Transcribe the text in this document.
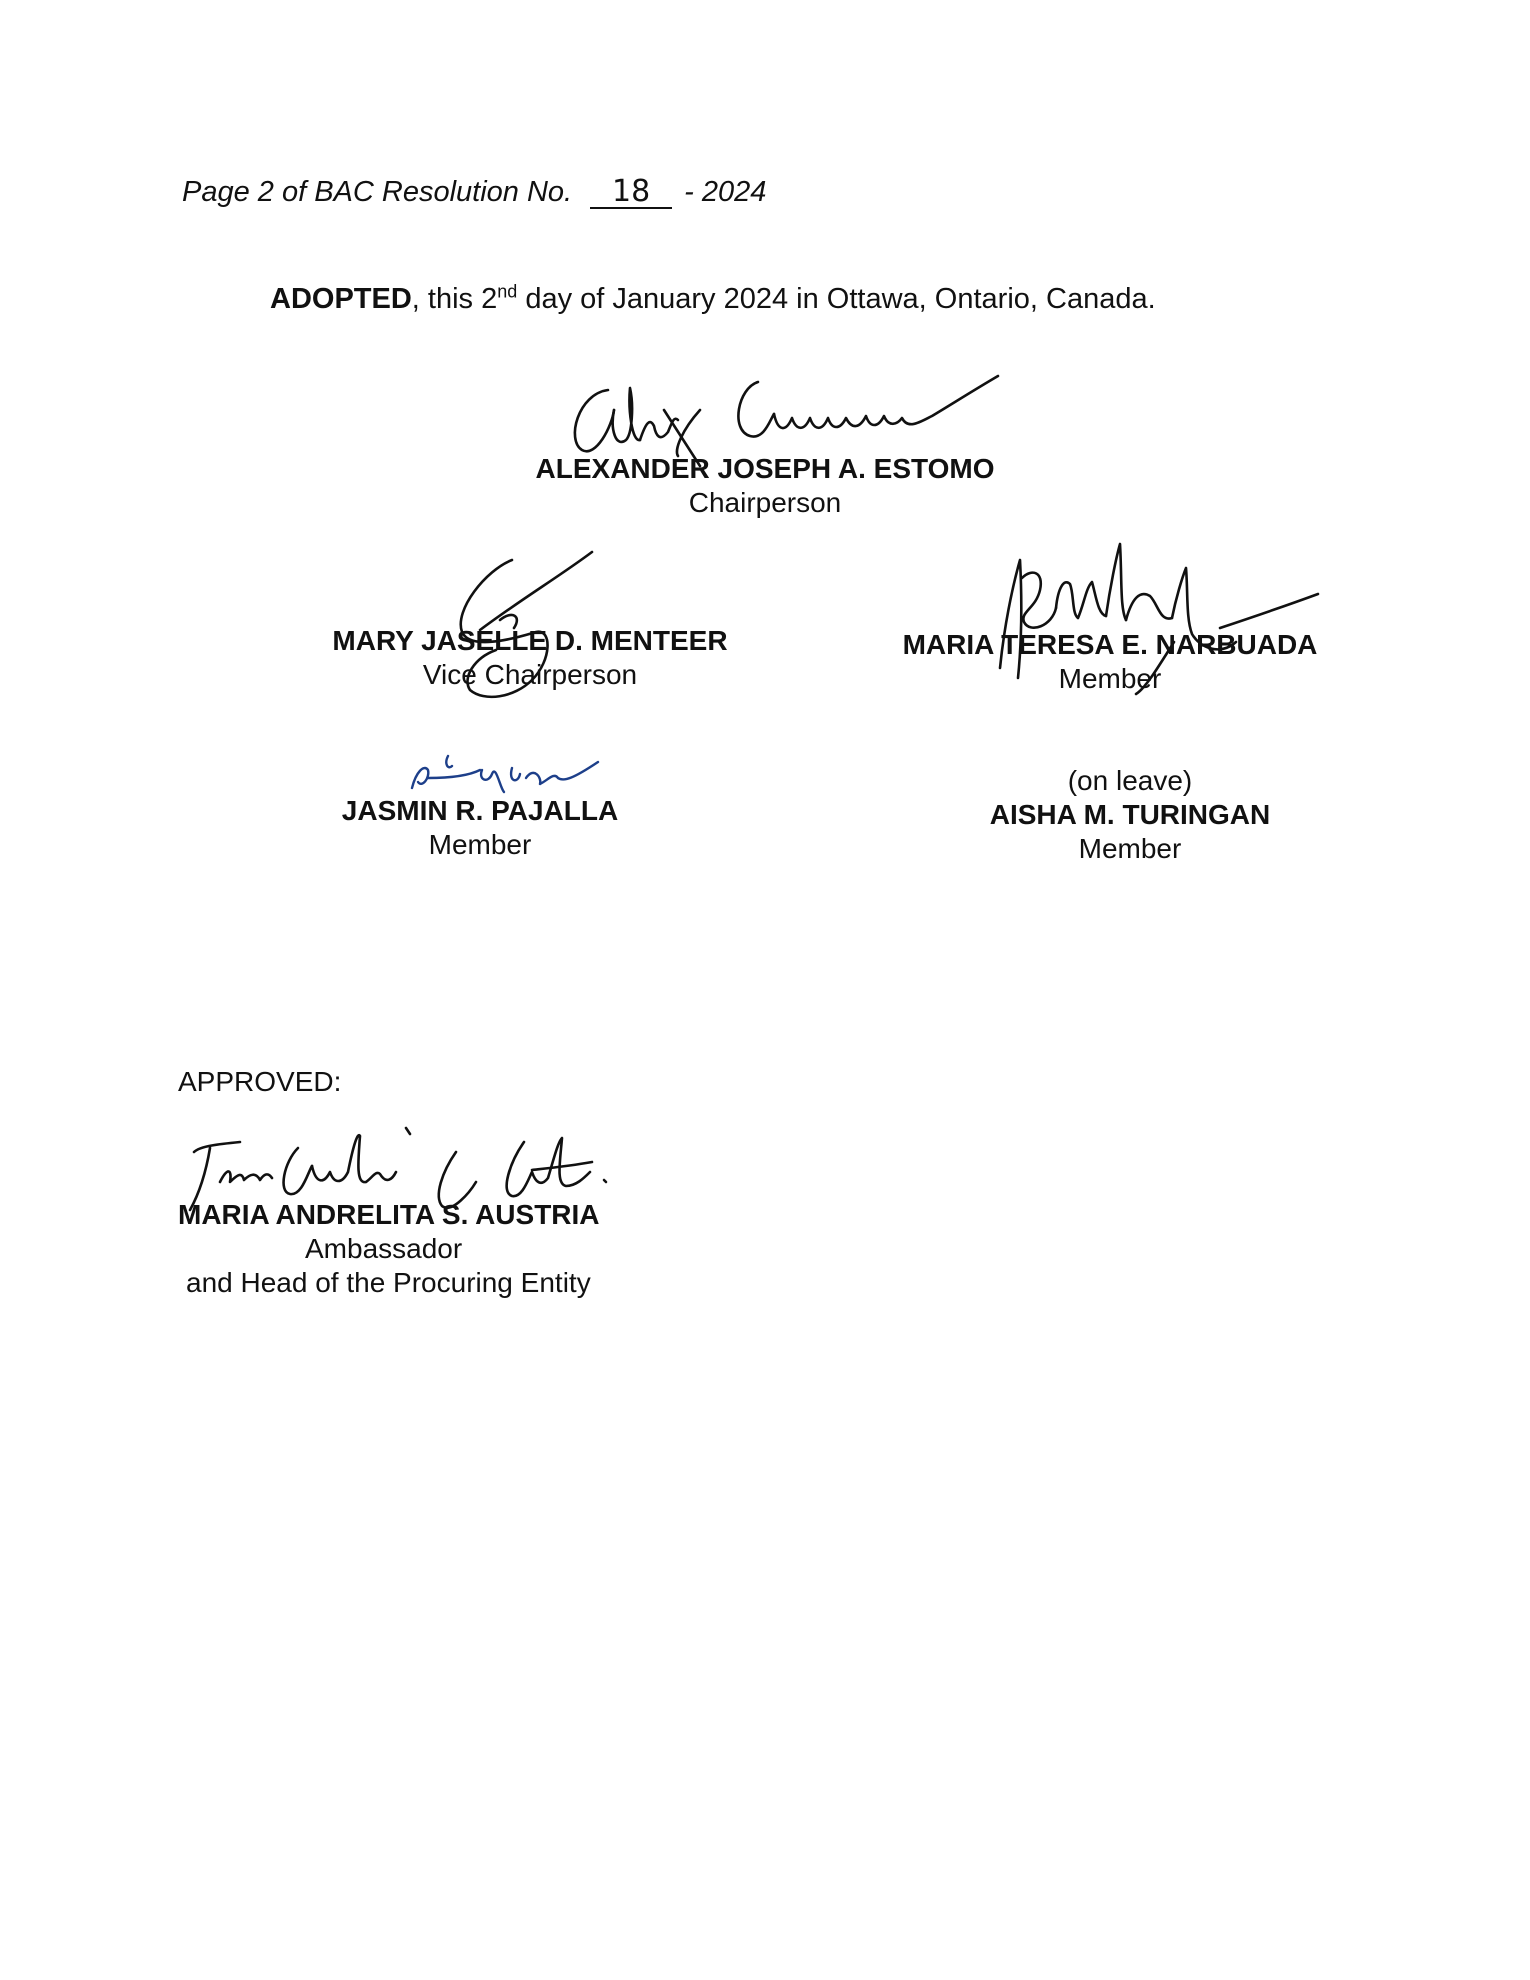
Page 2 of BAC Resolution No. 18 - 2024
ADOPTED, this 2nd day of January 2024 in Ottawa, Ontario, Canada.
ALEXANDER JOSEPH A. ESTOMO
Chairperson
MARY JASELLE D. MENTEER
Vice Chairperson
MARIA TERESA E. NARBUADA
Member
JASMIN R. PAJALLA
Member
(on leave)
AISHA M. TURINGAN
Member
APPROVED:
MARIA ANDRELITA S. AUSTRIA
Ambassador
and Head of the Procuring Entity
